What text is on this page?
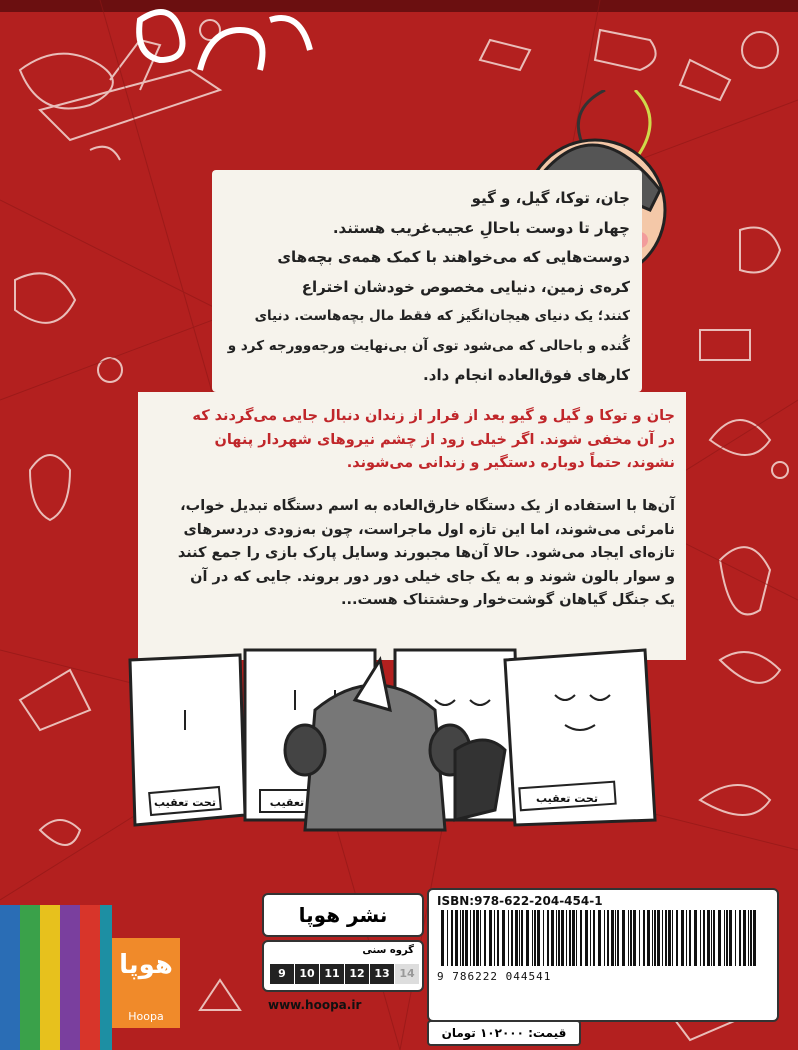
جان، توکا، گیل، و گیو
چهار تا دوست باحالِ عجیب‌غریب هستند.
دوست‌هایی که می‌خواهند با کمک همه‌ی بچه‌های
کره‌ی زمین، دنیایی مخصوص خودشان اختراع
کنند؛ یک دنیای هیجان‌انگیز که فقط مال بچه‌هاست. دنیای
گُنده و باحالی که می‌شود توی آن بی‌نهایت ورجه‌وورجه کرد و
کارهای فوق‌العاده انجام داد.

جان و توکا و گیل و گیو بعد از فرار از زندان دنبال جایی می‌گردند که
در آن مخفی شوند. اگر خیلی زود از چشم نیروهای شهردار پنهان
نشوند، حتماً دوباره دستگیر و زندانی می‌شوند.

آن‌ها با استفاده از یک دستگاه خارق‌العاده به اسم دستگاه تبدیل خواب،
نامرئی می‌شوند، اما این تازه اول ماجراست، چون به‌زودی دردسرهای
تازه‌ای ایجاد می‌شود. حالا آن‌ها مجبورند وسایل پارک بازی را جمع کنند
و سوار بالون شوند و به یک جای خیلی دور دور بروند. جایی که در آن
یک جنگل گیاهان گوشت‌خوار وحشتناک هست...

تحت تعقیب	تعقیب	تحت تعقیب
نشر هوپا
گروه سنی
9	10 11 12 13 14
www.hoopa.ir
ISBN:978-622-204-454-1
9 786222 044541
قیمت: ۱۰۲۰۰۰ تومان
هوپا
Hoopa
